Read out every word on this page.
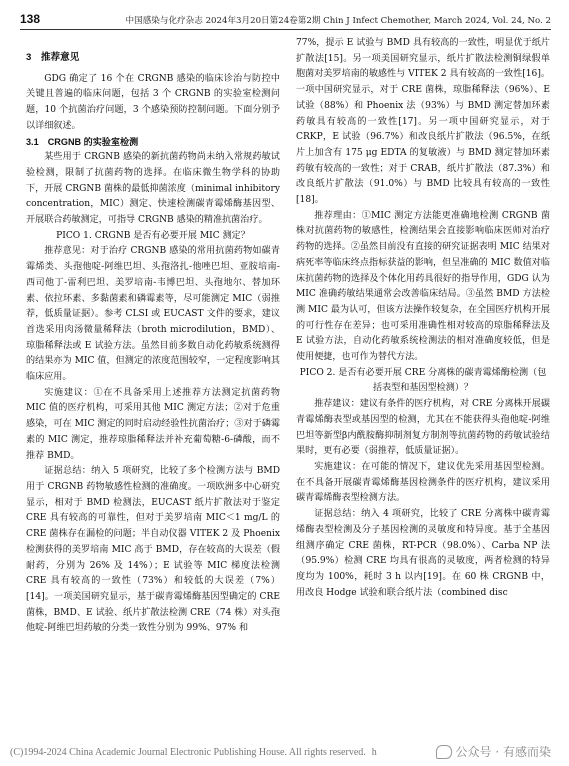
138	中国感染与化疗杂志 2024年3月20日第24卷第2期 Chin J Infect Chemother, March 2024, Vol. 24, No. 2

3　推荐意见

GDG 确定了 16 个在 CRGNB 感染的临床诊治与防控中关键且普遍的临床问题，包括 3 个 CRGNB 的实验室检测问题，10 个抗菌治疗问题，3 个感染预防控制问题。下面分别予以详细叙述。

3.1　CRGNB 的实验室检测

某些用于 CRGNB 感染的新抗菌药物尚未纳入常规药敏试验检测，限制了抗菌药物的选择。在临床微生物学科的协助下，开展 CRGNB 菌株的最低抑菌浓度（minimal inhibitory concentration，MIC）测定、快速检测碳青霉烯酶基因型、开展联合药敏测定，可指导 CRGNB 感染的精准抗菌治疗。

PICO 1. CRGNB 是否有必要开展 MIC 测定？

推荐意见：对于治疗 CRGNB 感染的常用抗菌药物如碳青霉烯类、头孢他啶-阿维巴坦、头孢洛扎-他唑巴坦、亚胺培南-西司他丁-雷利巴坦、美罗培南-韦博巴坦、头孢地尔、替加环素、依拉环素、多黏菌素和磷霉素等，尽可能测定 MIC（弱推荐，低质量证据）。参考 CLSI 或 EUCAST 文件的要求，建议首选采用肉汤微量稀释法（broth microdilution，BMD）、琼脂稀释法或 E 试验方法。虽然目前多数自动化药敏系统测得的结果亦为 MIC 值，但测定的浓度范围较窄，一定程度影响其临床应用。

实施建议：①在不具备采用上述推荐方法测定抗菌药物 MIC 值的医疗机构，可采用其他 MIC 测定方法；②对于危重感染，可在 MIC 测定的同时启动经验性抗菌治疗；③对于磷霉素的 MIC 测定，推荐琼脂稀释法并补充葡萄糖-6-磷酸，而不推荐 BMD。

证据总结：纳入 5 项研究，比较了多个检测方法与 BMD 用于 CRGNB 药物敏感性检测的准确度。一项欧洲多中心研究显示，相对于 BMD 检测法，EUCAST 纸片扩散法对于鉴定 CRE 具有较高的可靠性，但对于美罗培南 MIC＜1 mg/L 的 CRE 菌株存在漏检的问题；半自动仪器 VITEK 2 及 Phoenix 检测获得的美罗培南 MIC 高于 BMD，存在较高的大误差（假耐药，分别为 26% 及 14%）；E 试验等 MIC 梯度法检测 CRE 具有较高的一致性（73%）和较低的大误差（7%）[14]。一项美国研究显示，基于碳青霉烯酶基因型确定的 CRE 菌株，BMD、E 试验、纸片扩散法检测 CRE（74 株）对头孢他啶-阿维巴坦药敏的分类一致性分别为 99%、97% 和

77%，提示 E 试验与 BMD 具有较高的一致性，明显优于纸片扩散法[15]。另一项美国研究显示，纸片扩散法检测铜绿假单胞菌对美罗培南的敏感性与 VITEK 2 具有较高的一致性[16]。一项中国研究显示，对于 CRE 菌株，琼脂稀释法（96%）、E 试验（88%）和 Phoenix 法（93%）与 BMD 测定替加环素药敏具有较高的一致性[17]。另一项中国研究显示，对于 CRKP，E 试验（96.7%）和改良纸片扩散法（96.5%，在纸片上加含有 175 μg EDTA 的复敏液）与 BMD 测定替加环素药敏有较高的一致性；对于 CRAB，纸片扩散法（87.3%）和改良纸片扩散法（91.0%）与 BMD 比较具有较高的一致性[18]。

推荐理由：①MIC 测定方法能更准确地检测 CRGNB 菌株对抗菌药物的敏感性，检测结果会直接影响临床医师对治疗药物的选择。②虽然目前没有直接的研究证据表明 MIC 结果对病死率等临床终点指标获益的影响，但呈准确的 MIC 数值对临床抗菌药物的选择及个体化用药具很好的指导作用，GDG 认为 MIC 准确药敏结果通常会改善临床结局。③虽然 BMD 方法检测 MIC 最为认可，但该方法操作较复杂，在全国医疗机构开展的可行性存在差异；也可采用准确性相对较高的琼脂稀释法及 E 试验方法，自动化药敏系统检测法的相对准确度较低，但是使用便捷，也可作为替代方法。

PICO 2. 是否有必要开展 CRE 分离株的碳青霉烯酶检测（包括表型和基因型检测）？

推荐建议：建议有条件的医疗机构，对 CRE 分离株开展碳青霉烯酶表型或基因型的检测，尤其在不能获得头孢他啶-阿维巴坦等新型β内酰胺酶抑制剂复方制剂等抗菌药物的药敏试验结果时，更有必要（弱推荐，低质量证据）。

实施建议：在可能的情况下，建议优先采用基因型检测。在不具备开展碳青霉烯酶基因检测条件的医疗机构，建议采用碳青霉烯酶表型检测方法。

证据总结：纳入 4 项研究，比较了 CRE 分离株中碳青霉烯酶表型检测及分子基因检测的灵敏度和特异度。基于全基因组测序确定 CRE 菌株，RT-PCR（98.0%）、Carba NP 法（95.9%）检测 CRE 均具有很高的灵敏度，两者检测的特异度均为 100%，耗时 3 h 以内[19]。在 60 株 CRGNB 中，用改良 Hodge 试验和联合纸片法（combined disc

(C)1994-2024 China Academic Journal Electronic Publishing House. All rights reserved. h	公众号 · 有感而染
